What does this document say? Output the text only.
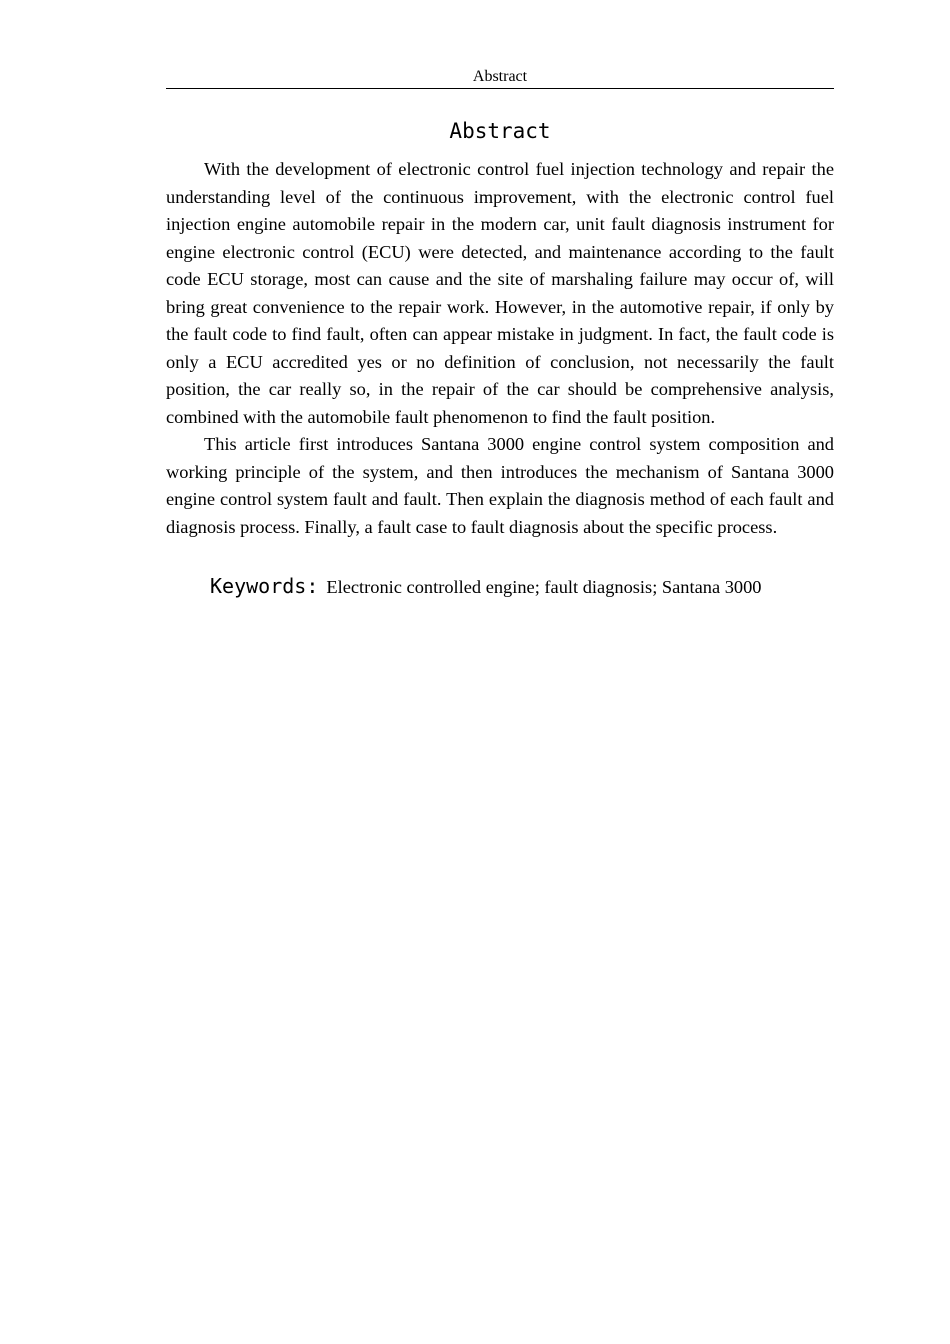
Abstract
Abstract

With the development of electronic control fuel injection technology and repair the understanding level of the continuous improvement, with the electronic control fuel injection engine automobile repair in the modern car, unit fault diagnosis instrument for engine electronic control (ECU) were detected, and maintenance according to the fault code ECU storage, most can cause and the site of marshaling failure may occur of, will bring great convenience to the repair work. However, in the automotive repair, if only by the fault code to find fault, often can appear mistake in judgment. In fact, the fault code is only a ECU accredited yes or no definition of conclusion, not necessarily the fault position, the car really so, in the repair of the car should be comprehensive analysis, combined with the automobile fault phenomenon to find the fault position.

This article first introduces Santana 3000 engine control system composition and working principle of the system, and then introduces the mechanism of Santana 3000 engine control system fault and fault. Then explain the diagnosis method of each fault and diagnosis process. Finally, a fault case to fault diagnosis about the specific process.

Keywords: Electronic controlled engine; fault diagnosis; Santana 3000
